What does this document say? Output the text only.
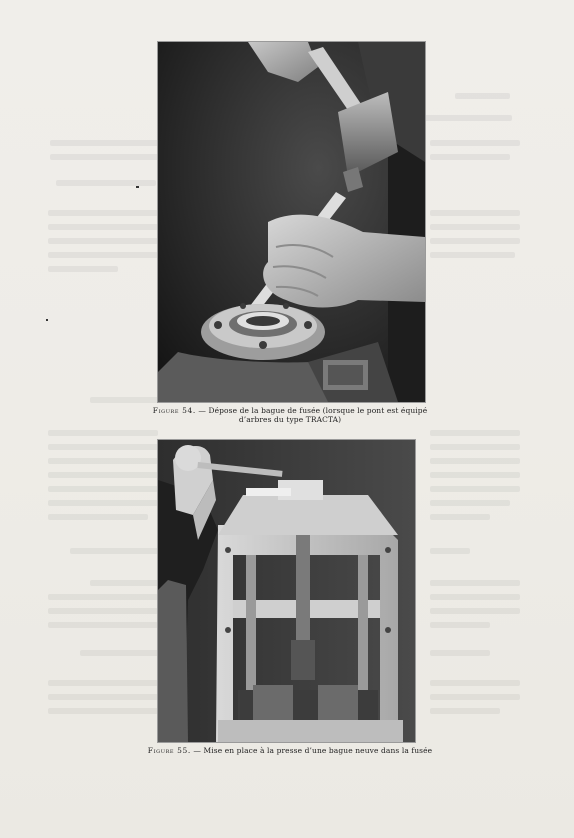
Figure 54. — Dépose de la bague de fusée (lorsque le pont est équipé
d’arbres du type TRACTA)
Figure 55. — Mise en place à la presse d’une bague neuve dans la fusée
